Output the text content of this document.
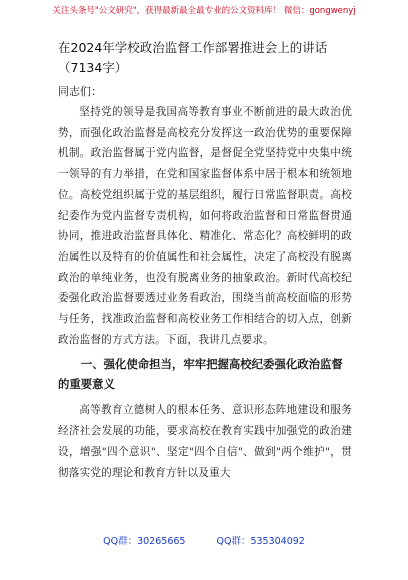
关注头条号"公文研究"，获得最新最全最专业的公文资料库！ 微信：gongwenyj

在2024年学校政治监督工作部署推进会上的讲话（7134字）

同志们：

坚持党的领导是我国高等教育事业不断前进的最大政治优势，而强化政治监督是高校充分发挥这一政治优势的重要保障机制。政治监督属于党内监督，是督促全党坚持党中央集中统一领导的有力举措，在党和国家监督体系中居于根本和统领地位。高校党组织属于党的基层组织，履行日常监督职责。高校纪委作为党内监督专责机构，如何将政治监督和日常监督贯通协同，推进政治监督具体化、精准化、常态化？高校鲜明的政治属性以及特有的价值属性和社会属性，决定了高校没有脱离政治的单纯业务，也没有脱离业务的抽象政治。新时代高校纪委强化政治监督要透过业务看政治，围绕当前高校面临的形势与任务，找准政治监督和高校业务工作相结合的切入点，创新政治监督的方式方法。下面，我讲几点要求。

一、强化使命担当，牢牢把握高校纪委强化政治监督的重要意义

高等教育立德树人的根本任务、意识形态阵地建设和服务经济社会发展的功能，要求高校在教育实践中加强党的政治建设，增强"四个意识"、坚定"四个自信"、做到"两个维护"，贯彻落实党的理论和教育方针以及重大

QQ群：30265665	QQ群：535304092
